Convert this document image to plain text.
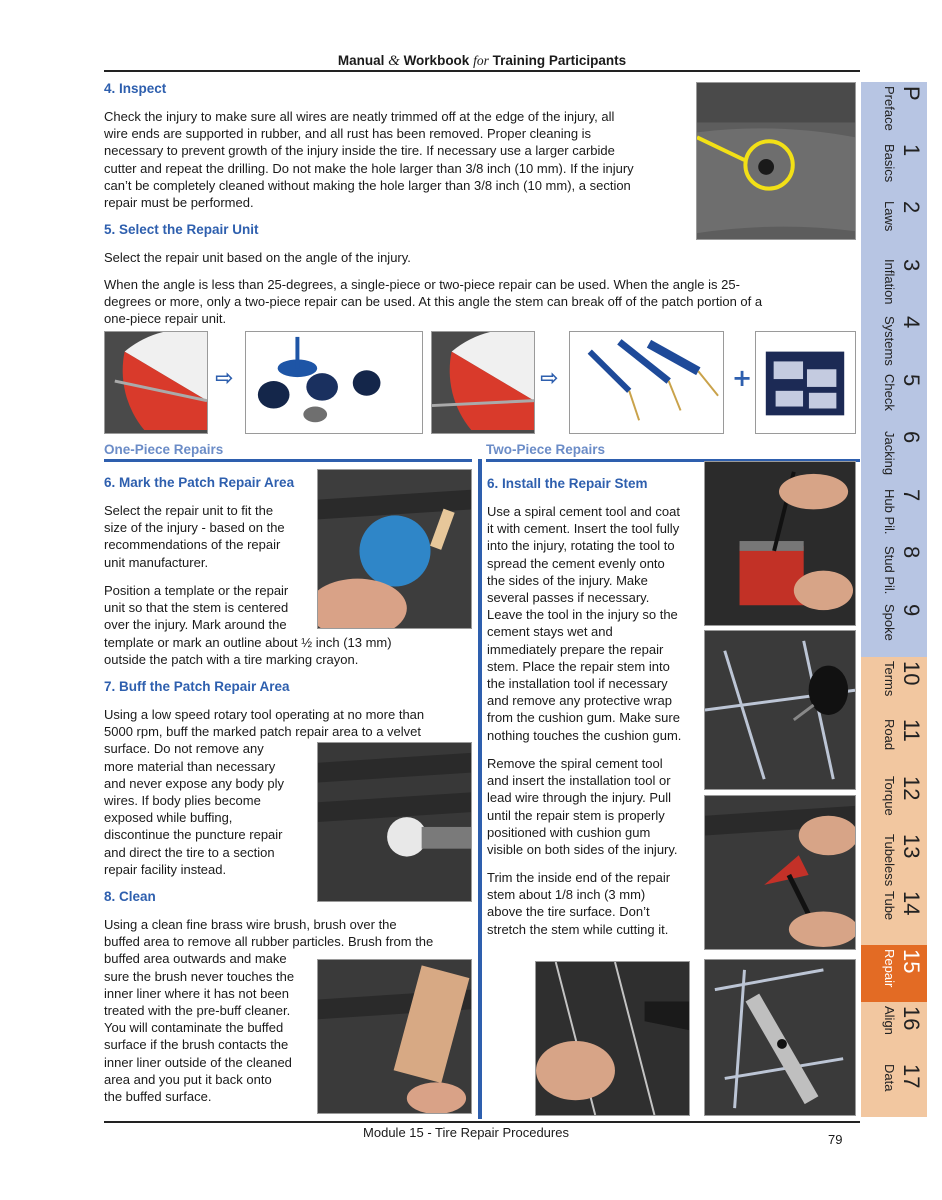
Manual & Workbook for Training Participants
4. Inspect
Check the injury to make sure all wires are neatly trimmed off at the edge of the injury, all
wire ends are supported in rubber, and all rust has been removed. Proper cleaning is
necessary to prevent growth of the injury inside the tire. If necessary use a larger carbide
cutter and repeat the drilling. Do not make the hole larger than 3/8 inch (10 mm). If the injury
can’t be completely cleaned without making the hole larger than 3/8 inch (10 mm), a section
repair must be performed.
5. Select the Repair Unit
Select the repair unit based on the angle of the injury.
When the angle is less than 25-degrees, a single-piece or two-piece repair can be used. When the angle is 25-
degrees or more, only a two-piece repair can be used. At this angle the stem can break off of the patch portion of a
one-piece repair unit.
⇨	⇨	+
One-Piece Repairs	Two-Piece Repairs
6. Mark the Patch Repair Area
Select the repair unit to fit the
size of the injury - based on the
recommendations of the repair
unit manufacturer.
Position a template or the repair
unit so that the stem is centered
over the injury. Mark around the
template or mark an outline about ½ inch (13 mm)
outside the patch with a tire marking crayon.
7. Buff the Patch Repair Area
Using a low speed rotary tool operating at no more than
5000 rpm, buff the marked patch repair area to a velvet
surface. Do not remove any
more material than necessary
and never expose any body ply
wires. If body plies become
exposed while buffing,
discontinue the puncture repair
and direct the tire to a section
repair facility instead.
8. Clean
Using a clean fine brass wire brush, brush over the
buffed area to remove all rubber particles. Brush from the
buffed area outwards and make
sure the brush never touches the
inner liner where it has not been
treated with the pre-buff cleaner.
You will contaminate the buffed
surface if the brush contacts the
inner liner outside of the cleaned
area and you put it back onto
the buffed surface.
6. Install the Repair Stem
Use a spiral cement tool and coat
it with cement. Insert the tool fully
into the injury, rotating the tool to
spread the cement evenly onto
the sides of the injury. Make
several passes if necessary.
Leave the tool in the injury so the
cement stays wet and
immediately prepare the repair
stem. Place the repair stem into
the installation tool if necessary
and remove any protective wrap
from the cushion gum. Make sure
nothing touches the cushion gum.
Remove the spiral cement tool
and insert the installation tool or
lead wire through the injury. Pull
until the repair stem is properly
positioned with cushion gum
visible on both sides of the injury.
Trim the inside end of the repair
stem about 1/8 inch (3 mm)
above the tire surface. Don’t
stretch the stem while cutting it.
Module 15 - Tire Repair Procedures	79
P
Preface
1
Basics
2
Laws
3
Inflation
4
Systems
5
Check
6
Jacking
7
Hub Pil.
8
Stud Pil.
9
Spoke
10
Terms
11
Road
12
Torque
13
Tubeless
14
Tube
15
Repair
16
Align
17
Data
